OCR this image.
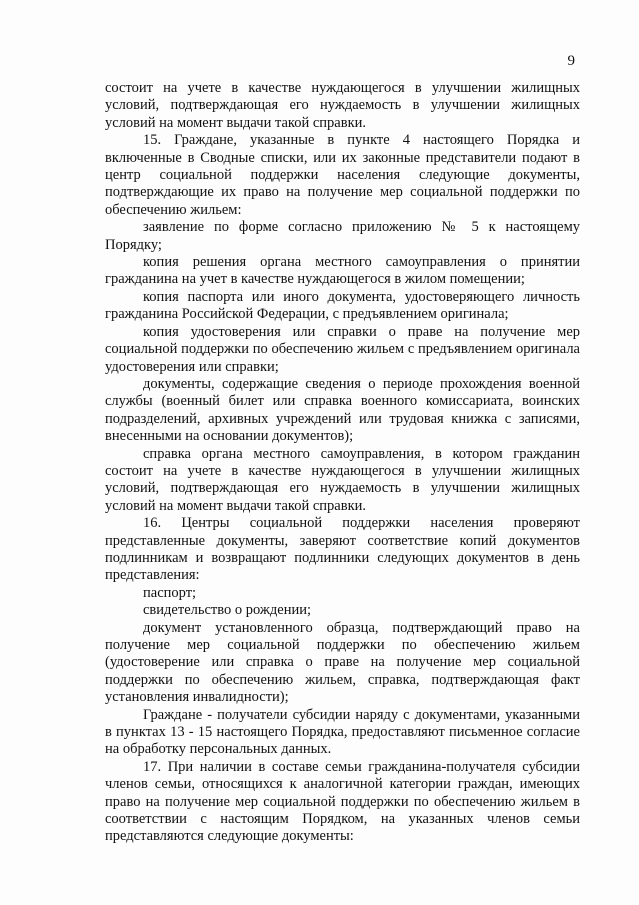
9

состоит на учете в качестве нуждающегося в улучшении жилищных условий, подтверждающая его нуждаемость в улучшении жилищных условий на момент выдачи такой справки.

15. Граждане, указанные в пункте 4 настоящего Порядка и включенные в Сводные списки, или их законные представители подают в центр социальной поддержки населения следующие документы, подтверждающие их право на получение мер социальной поддержки по обеспечению жильем:

заявление по форме согласно приложению № 5 к настоящему Порядку;

копия решения органа местного самоуправления о принятии гражданина на учет в качестве нуждающегося в жилом помещении;

копия паспорта или иного документа, удостоверяющего личность гражданина Российской Федерации, с предъявлением оригинала;

копия удостоверения или справки о праве на получение мер социальной поддержки по обеспечению жильем с предъявлением оригинала удостоверения или справки;

документы, содержащие сведения о периоде прохождения военной службы (военный билет или справка военного комиссариата, воинских подразделений, архивных учреждений или трудовая книжка с записями, внесенными на основании документов);

справка органа местного самоуправления, в котором гражданин состоит на учете в качестве нуждающегося в улучшении жилищных условий, подтверждающая его нуждаемость в улучшении жилищных условий на момент выдачи такой справки.

16. Центры социальной поддержки населения проверяют представленные документы, заверяют соответствие копий документов подлинникам и возвращают подлинники следующих документов в день представления:

паспорт;

свидетельство о рождении;

документ установленного образца, подтверждающий право на получение мер социальной поддержки по обеспечению жильем (удостоверение или справка о праве на получение мер социальной поддержки по обеспечению жильем, справка, подтверждающая факт установления инвалидности);

Граждане - получатели субсидии наряду с документами, указанными в пунктах 13 - 15 настоящего Порядка, предоставляют письменное согласие на обработку персональных данных.

17. При наличии в составе семьи гражданина-получателя субсидии членов семьи, относящихся к аналогичной категории граждан, имеющих право на получение мер социальной поддержки по обеспечению жильем в соответствии с настоящим Порядком, на указанных членов семьи представляются следующие документы:
